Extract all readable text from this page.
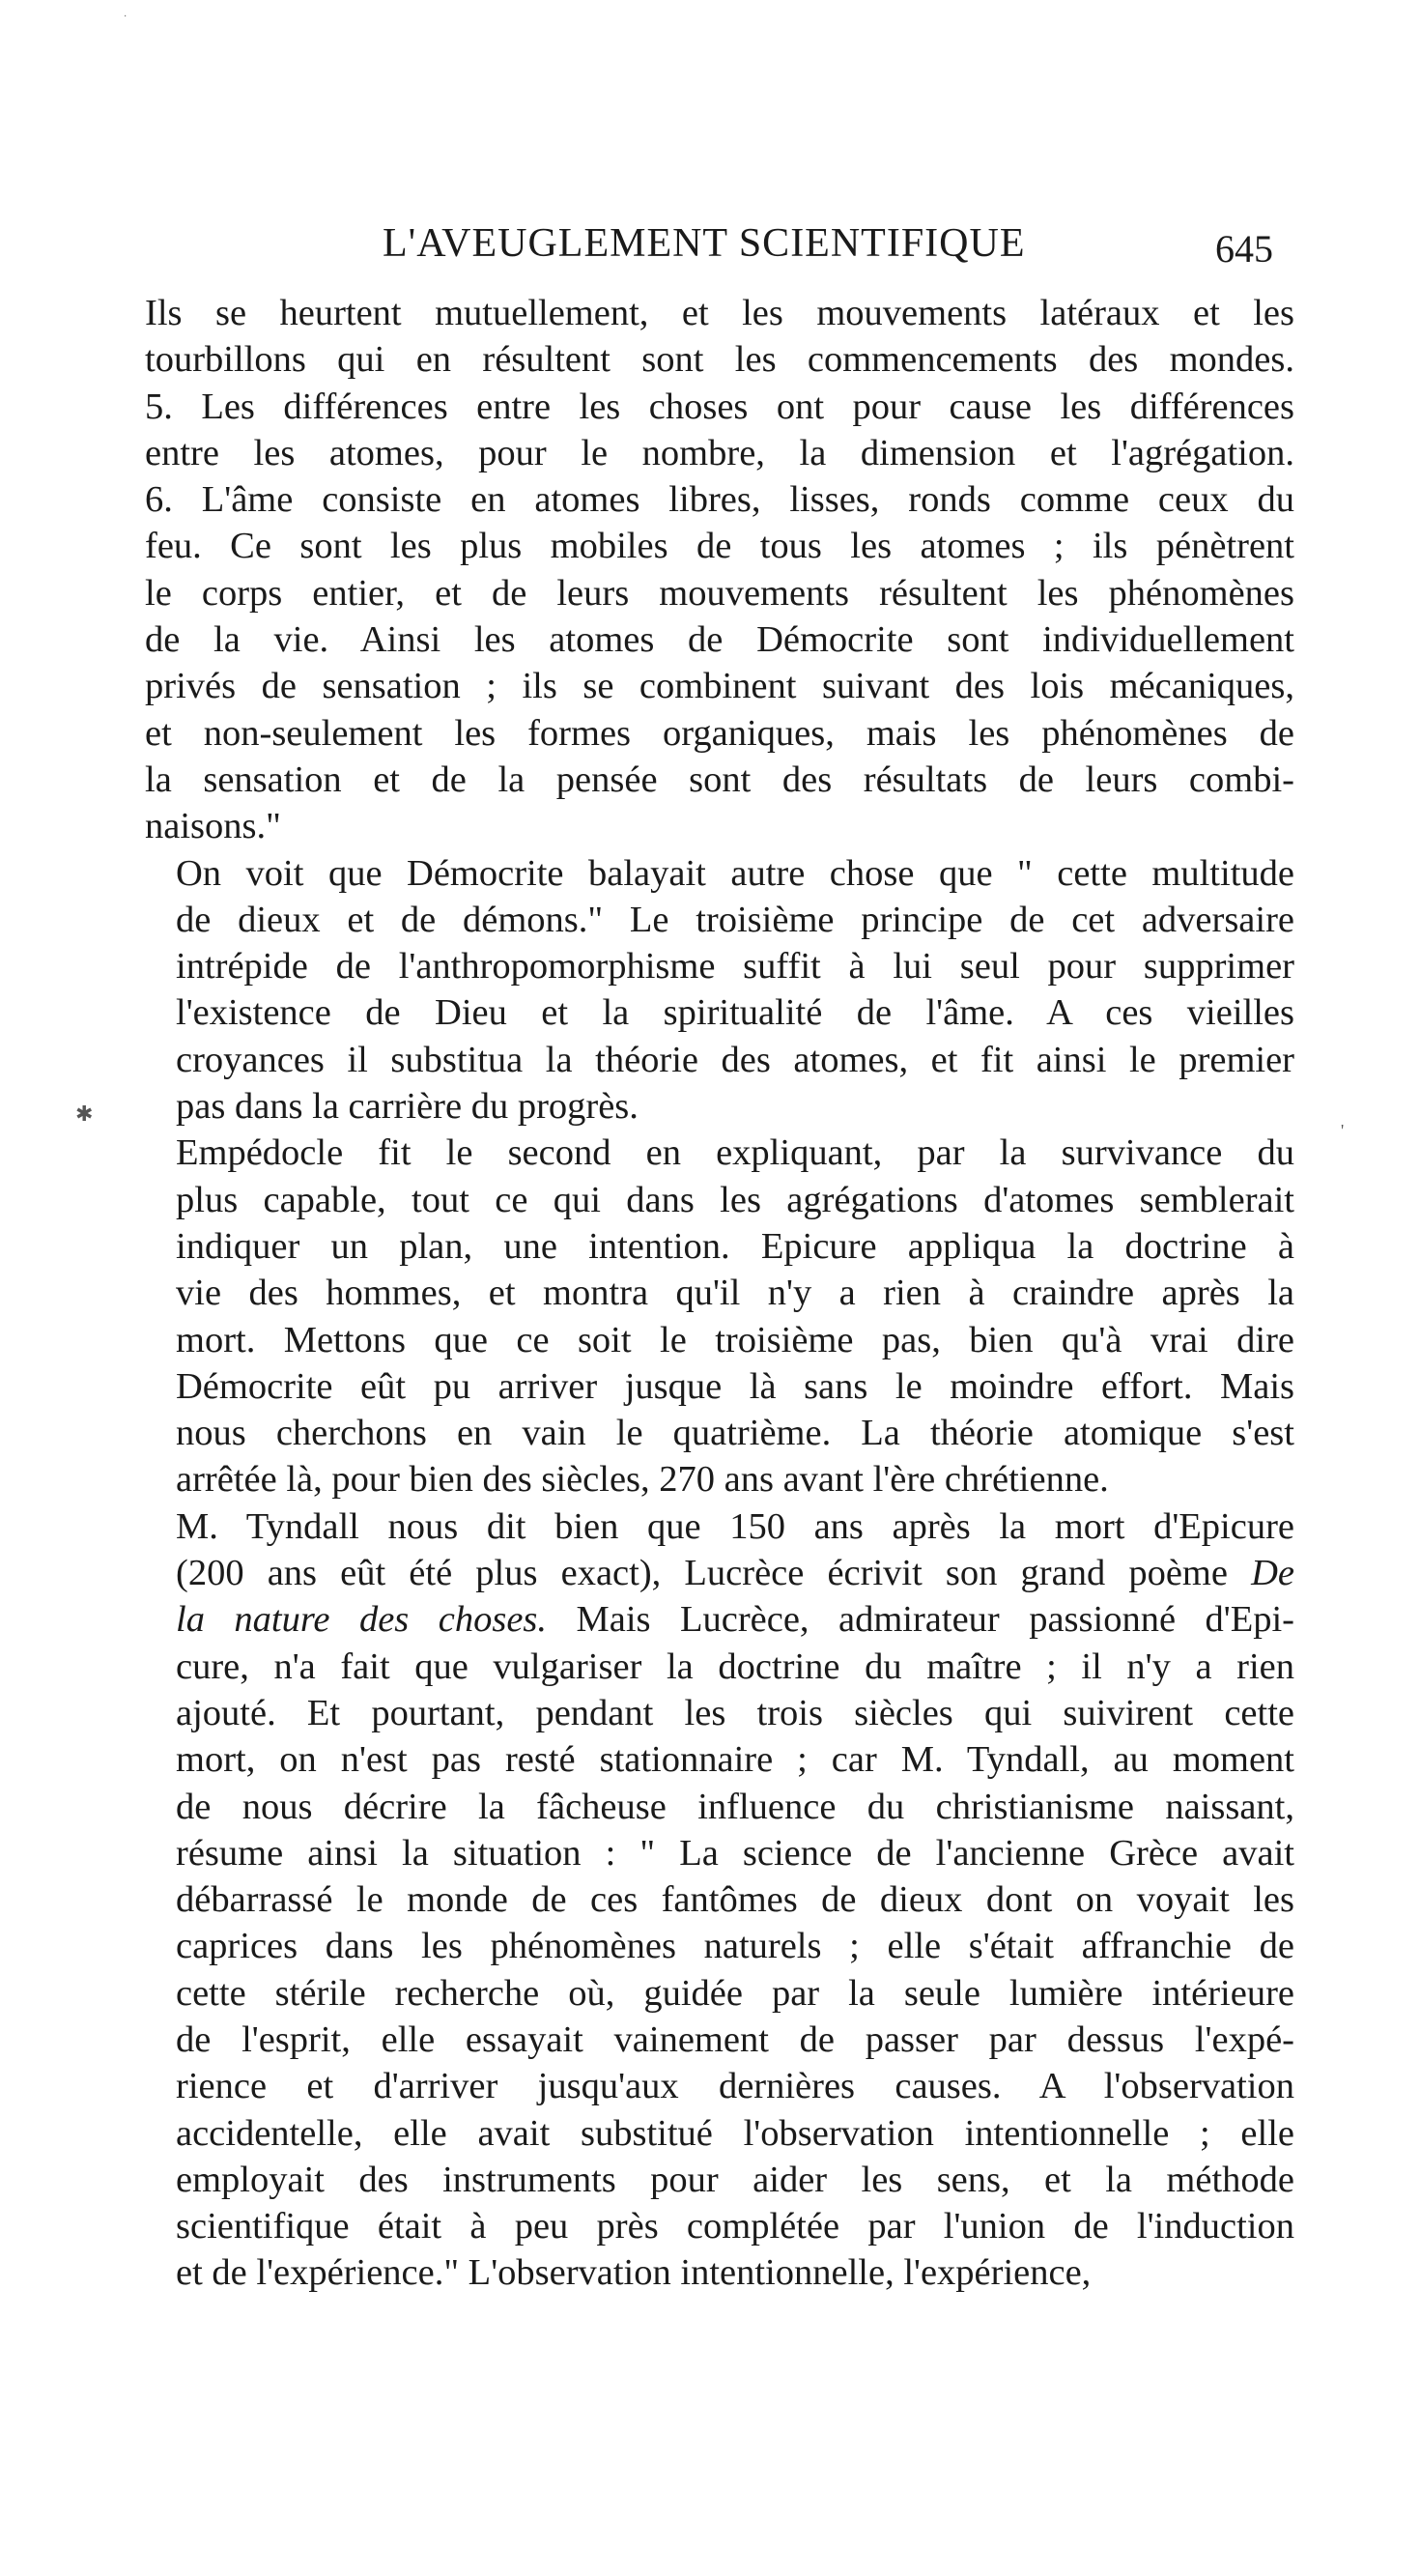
·
✱
'
L'AVEUGLEMENT SCIENTIFIQUE	645

Ils se heurtent mutuellement, et les mouvements latéraux et les
tourbillons qui en résultent sont les commencements des mondes.
5. Les différences entre les choses ont pour cause les différences
entre les atomes, pour le nombre, la dimension et l'agrégation.
6. L'âme consiste en atomes libres, lisses, ronds comme ceux du
feu. Ce sont les plus mobiles de tous les atomes ; ils pénètrent
le corps entier, et de leurs mouvements résultent les phénomènes
de la vie. Ainsi les atomes de Démocrite sont individuellement
privés de sensation ; ils se combinent suivant des lois mécaniques,
et non-seulement les formes organiques, mais les phénomènes de
la sensation et de la pensée sont des résultats de leurs combi-
naisons."

On voit que Démocrite balayait autre chose que " cette multitude
de dieux et de démons." Le troisième principe de cet adversaire
intrépide de l'anthropomorphisme suffit à lui seul pour supprimer
l'existence de Dieu et la spiritualité de l'âme. A ces vieilles
croyances il substitua la théorie des atomes, et fit ainsi le premier
pas dans la carrière du progrès.

Empédocle fit le second en expliquant, par la survivance du
plus capable, tout ce qui dans les agrégations d'atomes semblerait
indiquer un plan, une intention. Epicure appliqua la doctrine à
vie des hommes, et montra qu'il n'y a rien à craindre après la
mort. Mettons que ce soit le troisième pas, bien qu'à vrai dire
Démocrite eût pu arriver jusque là sans le moindre effort. Mais
nous cherchons en vain le quatrième. La théorie atomique s'est
arrêtée là, pour bien des siècles, 270 ans avant l'ère chrétienne.

M. Tyndall nous dit bien que 150 ans après la mort d'Epicure
(200 ans eût été plus exact), Lucrèce écrivit son grand poème De
la nature des choses. Mais Lucrèce, admirateur passionné d'Epi-
cure, n'a fait que vulgariser la doctrine du maître ; il n'y a rien
ajouté. Et pourtant, pendant les trois siècles qui suivirent cette
mort, on n'est pas resté stationnaire ; car M. Tyndall, au moment
de nous décrire la fâcheuse influence du christianisme naissant,
résume ainsi la situation : " La science de l'ancienne Grèce avait
débarrassé le monde de ces fantômes de dieux dont on voyait les
caprices dans les phénomènes naturels ; elle s'était affranchie de
cette stérile recherche où, guidée par la seule lumière intérieure
de l'esprit, elle essayait vainement de passer par dessus l'expé-
rience et d'arriver jusqu'aux dernières causes. A l'observation
accidentelle, elle avait substitué l'observation intentionnelle ; elle
employait des instruments pour aider les sens, et la méthode
scientifique était à peu près complétée par l'union de l'induction
et de l'expérience." L'observation intentionnelle, l'expérience,
